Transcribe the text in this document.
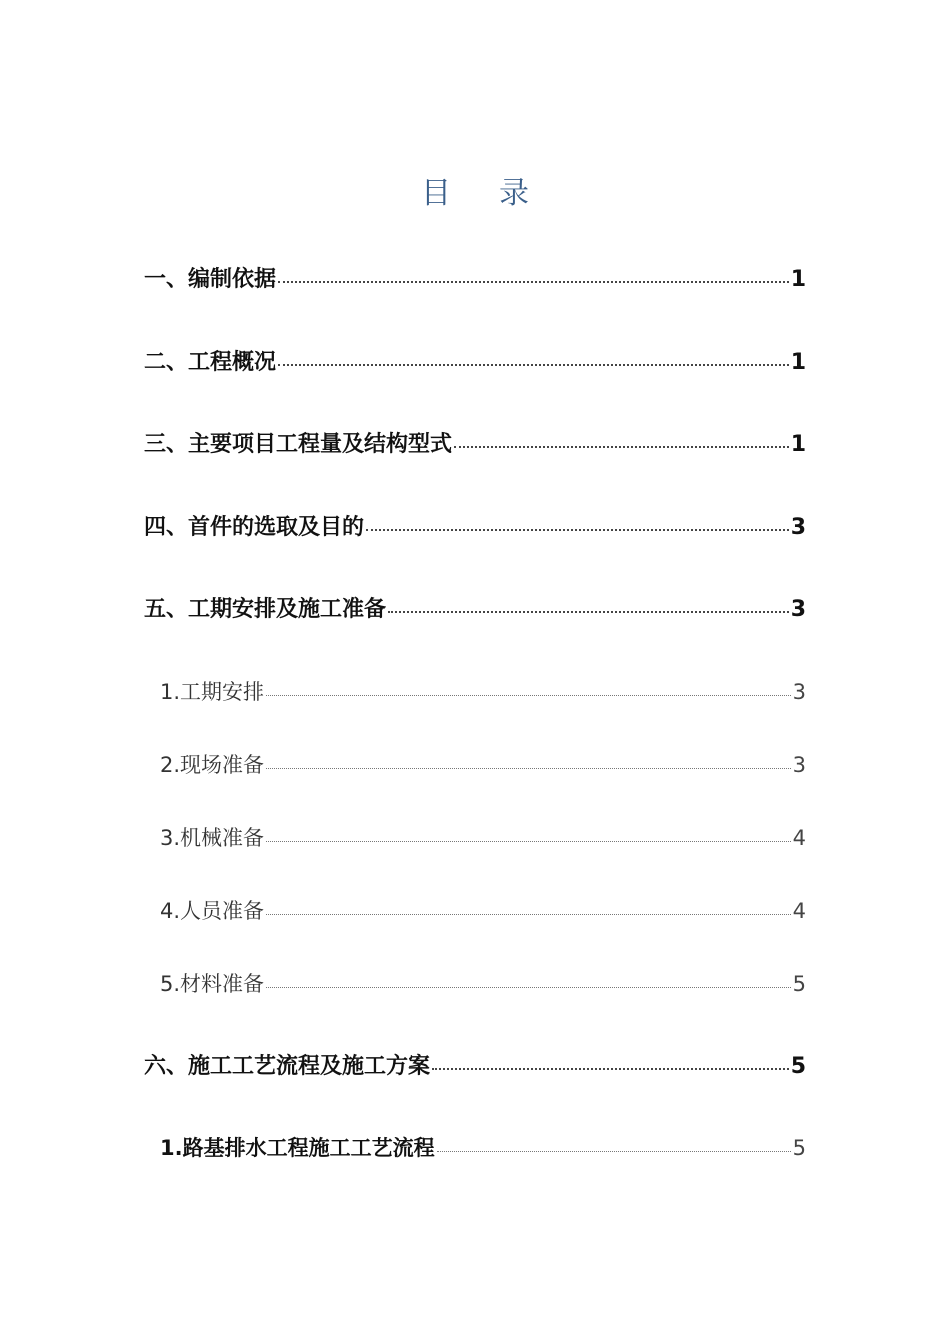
目 录
一、编制依据	1
二、工程概况	1
三、主要项目工程量及结构型式	1
四、首件的选取及目的	3
五、工期安排及施工准备	3
1.工期安排	3
2.现场准备	3
3.机械准备	4
4.人员准备	4
5.材料准备	5
六、施工工艺流程及施工方案	5
1.路基排水工程施工工艺流程	5
